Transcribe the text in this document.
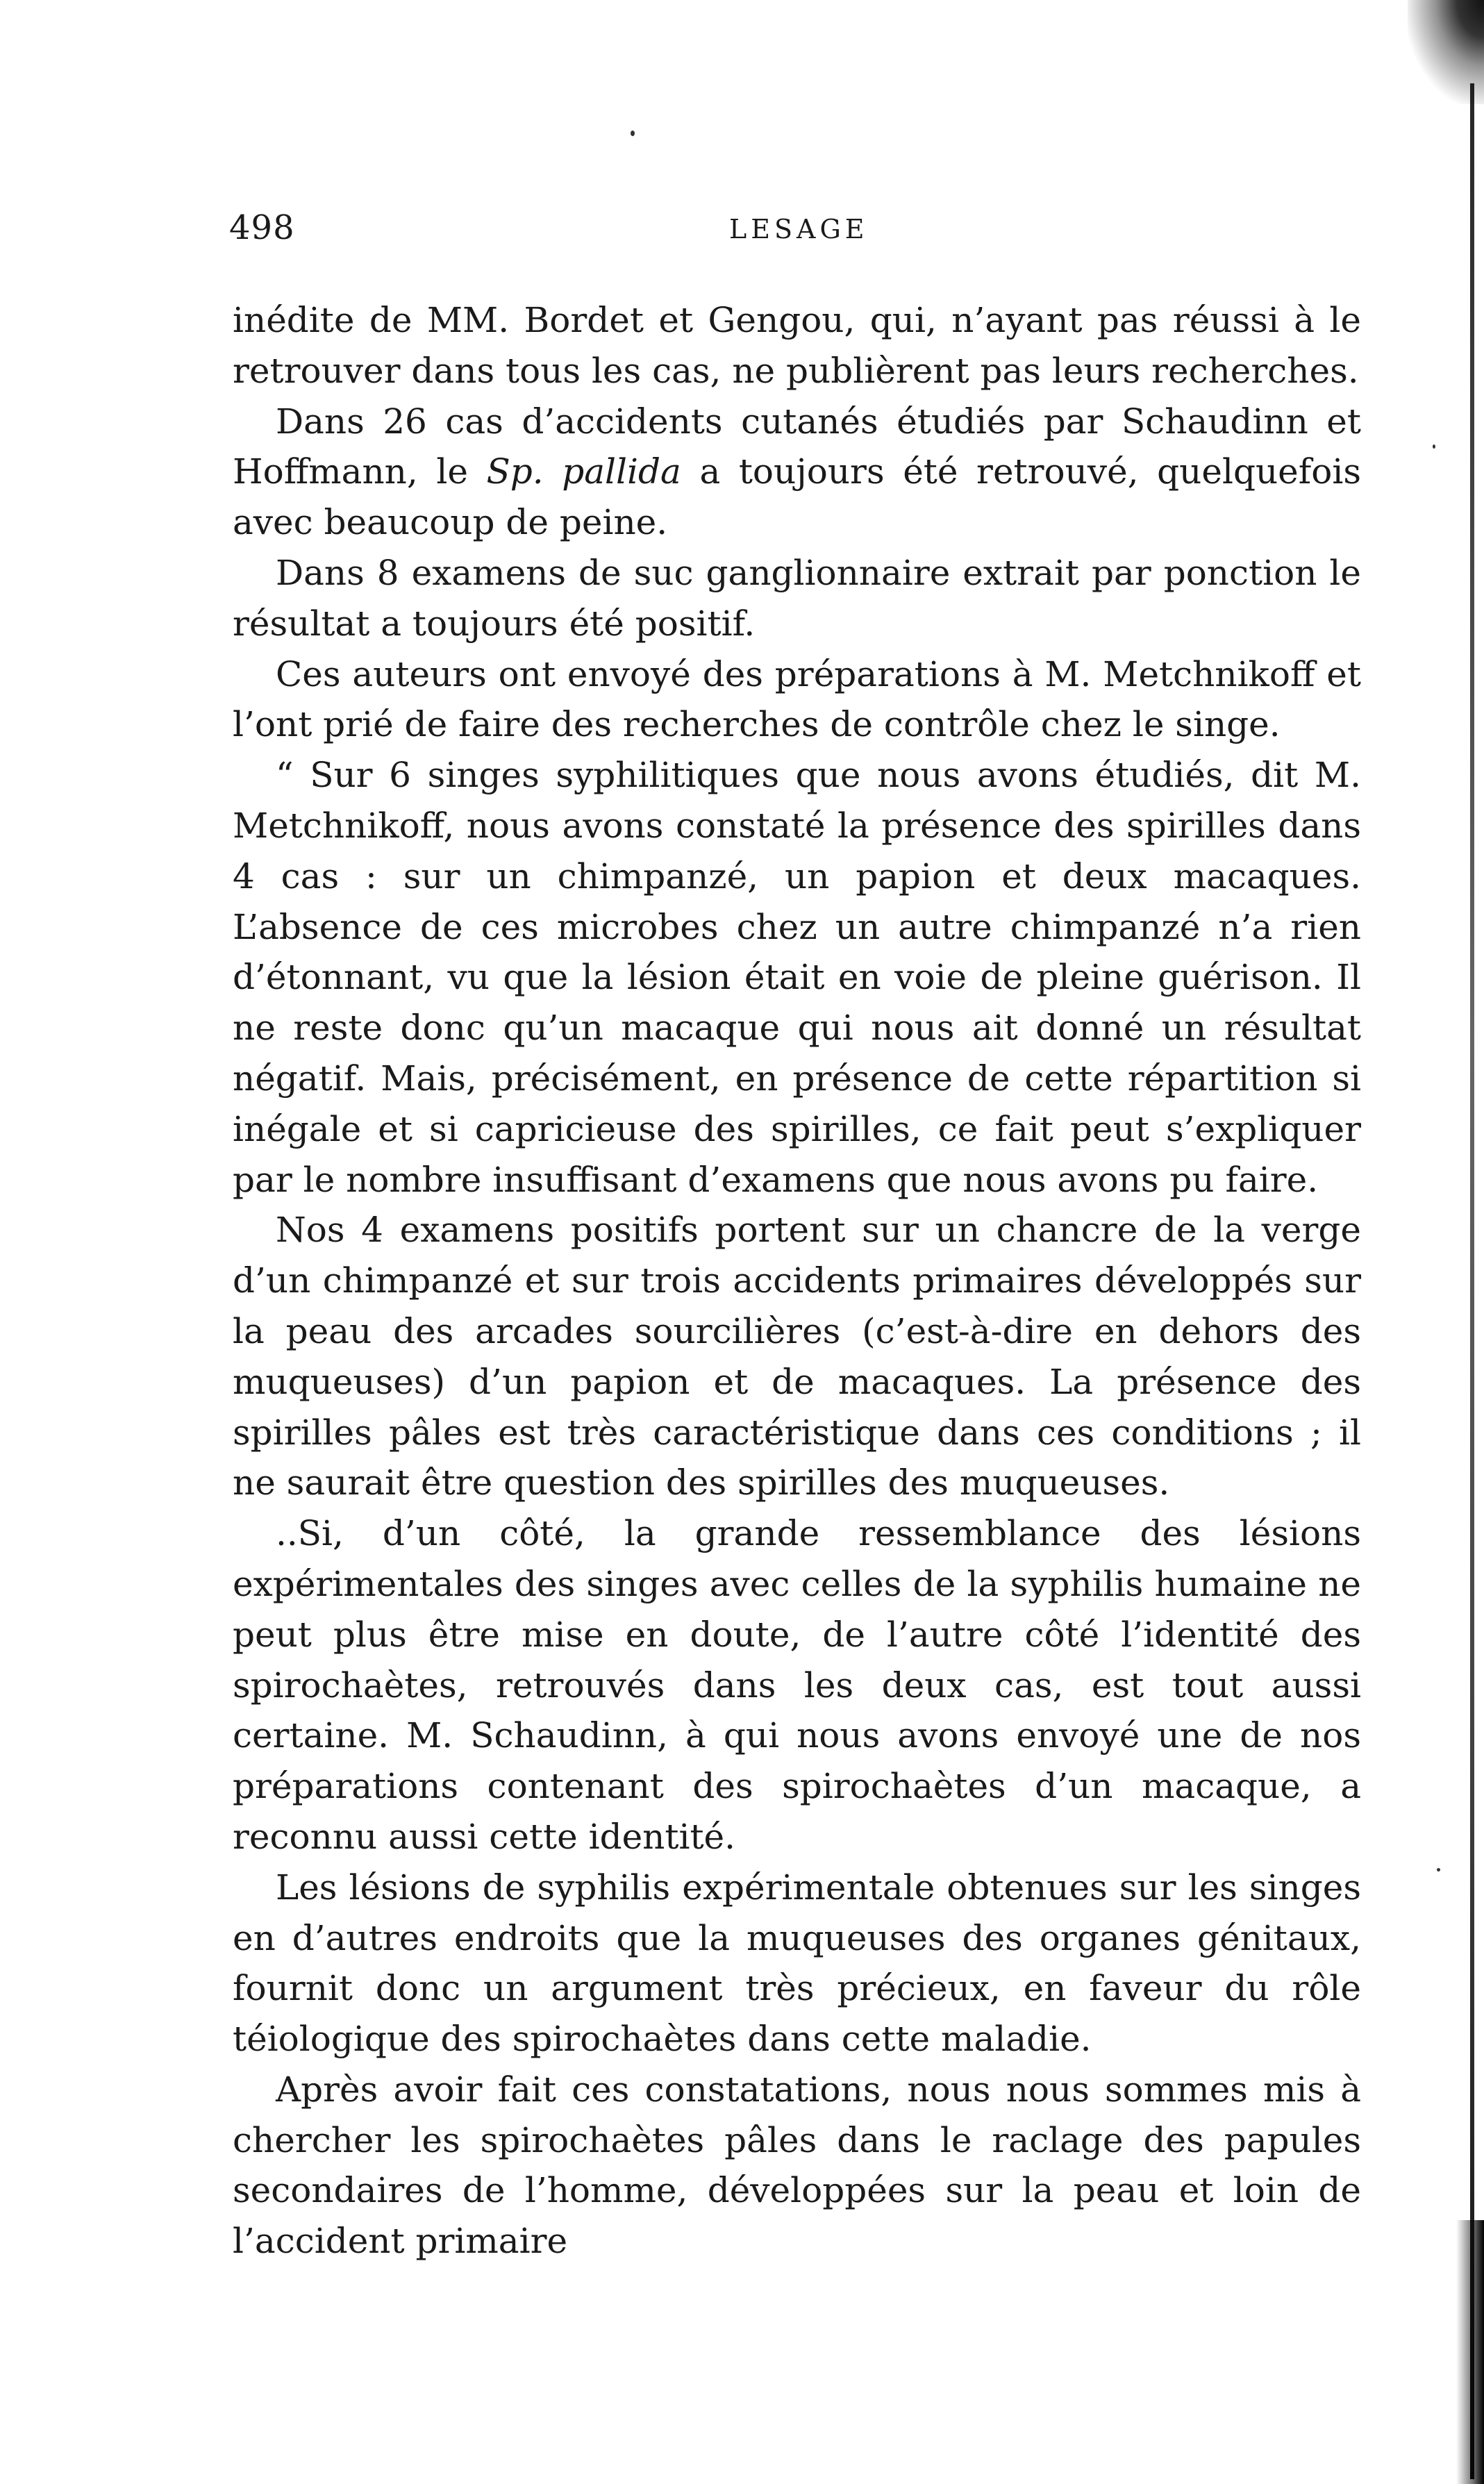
498	LESAGE

inédite de MM. Bordet et Gengou, qui, n’ayant pas réussi à le retrouver dans tous les cas, ne publièrent pas leurs recherches.

Dans 26 cas d’accidents cutanés étudiés par Schaudinn et Hoffmann, le Sp. pallida a toujours été retrouvé, quelquefois avec beaucoup de peine.

Dans 8 examens de suc ganglionnaire extrait par ponction le résultat a toujours été positif.

Ces auteurs ont envoyé des préparations à M. Metchnikoff et l’ont prié de faire des recherches de contrôle chez le singe.

“ Sur 6 singes syphilitiques que nous avons étudiés, dit M. Metchnikoff, nous avons constaté la présence des spirilles dans 4 cas : sur un chimpanzé, un papion et deux macaques. L’absence de ces microbes chez un autre chimpanzé n’a rien d’étonnant, vu que la lésion était en voie de pleine guérison. Il ne reste donc qu’un macaque qui nous ait donné un résultat négatif. Mais, précisément, en présence de cette répartition si inégale et si capricieuse des spirilles, ce fait peut s’expliquer par le nombre insuffisant d’examens que nous avons pu faire.

Nos 4 examens positifs portent sur un chancre de la verge d’un chimpanzé et sur trois accidents primaires développés sur la peau des arcades sourcilières (c’est-à-dire en dehors des muqueuses) d’un papion et de macaques. La présence des spirilles pâles est très caractéristique dans ces conditions ; il ne saurait être question des spirilles des muqueuses.

..Si, d’un côté, la grande ressemblance des lésions expérimentales des singes avec celles de la syphilis humaine ne peut plus être mise en doute, de l’autre côté l’identité des spirochaètes, retrouvés dans les deux cas, est tout aussi certaine. M. Schaudinn, à qui nous avons envoyé une de nos préparations contenant des spirochaètes d’un macaque, a reconnu aussi cette identité.

Les lésions de syphilis expérimentale obtenues sur les singes en d’autres endroits que la muqueuses des organes génitaux, fournit donc un argument très précieux, en faveur du rôle téiologique des spirochaètes dans cette maladie.

Après avoir fait ces constatations, nous nous sommes mis à chercher les spirochaètes pâles dans le raclage des papules secondaires de l’homme, développées sur la peau et loin de l’accident primaire
